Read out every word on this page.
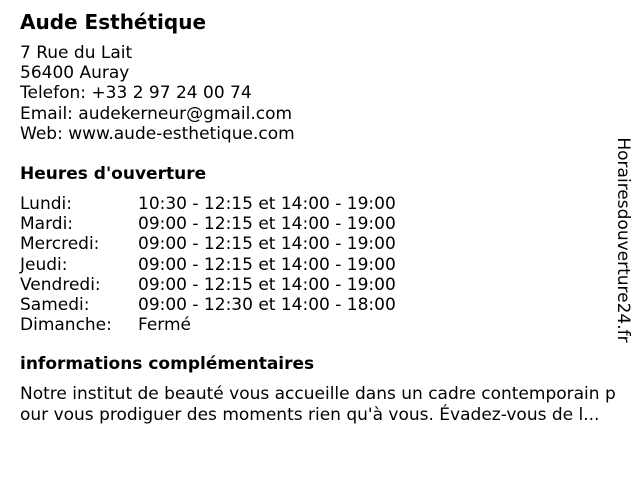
Aude Esthétique
7 Rue du Lait
56400 Auray
Telefon: +33 2 97 24 00 74
Email: audekerneur@gmail.com
Web: www.aude-esthetique.com
Heures d'ouverture
Lundi:	10:30 - 12:15 et 14:00 - 19:00
Mardi:	09:00 - 12:15 et 14:00 - 19:00
Mercredi: 09:00 - 12:15 et 14:00 - 19:00
Jeudi:	09:00 - 12:15 et 14:00 - 19:00
Vendredi: 09:00 - 12:15 et 14:00 - 19:00
Samedi:	09:00 - 12:30 et 14:00 - 18:00
Dimanche: Fermé
informations complémentaires
Notre institut de beauté vous accueille dans un cadre contemporain pour vous prodiguer des moments rien qu'à vous. Évadez-vous de l...
Horairesdouverture24.fr
